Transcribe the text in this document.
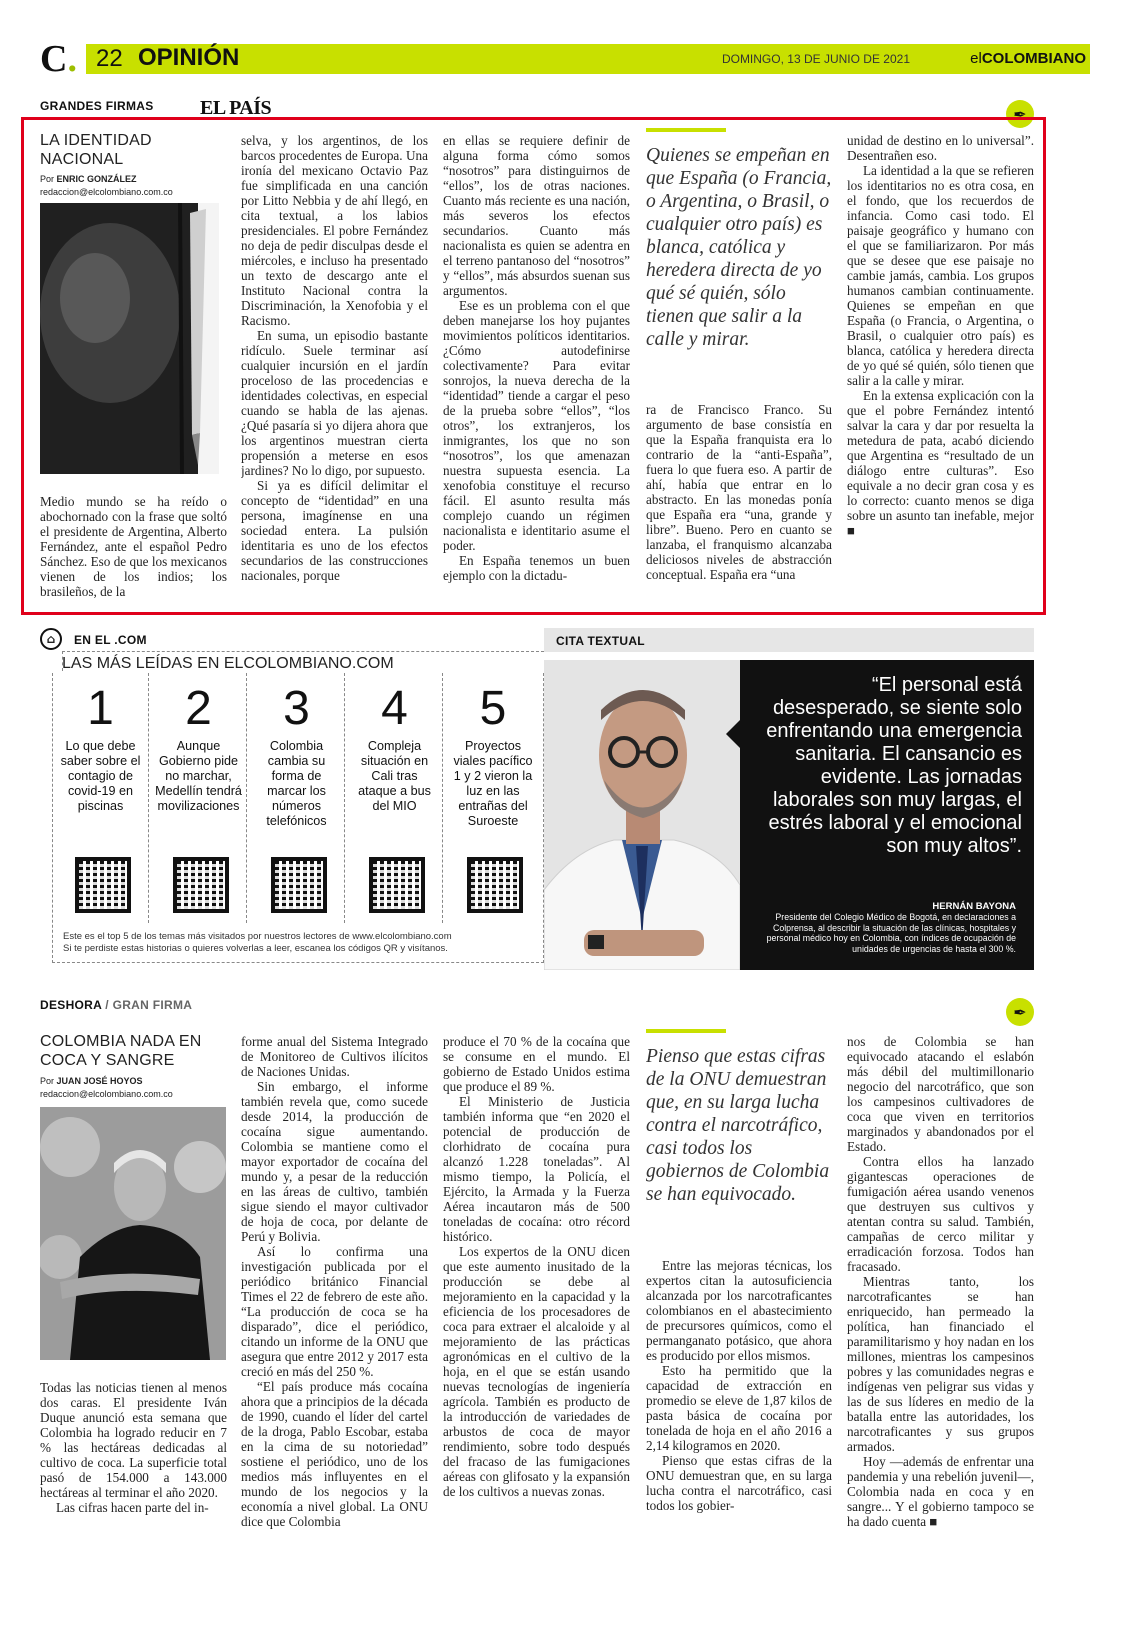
C. 22 OPINIÓN	DOMINGO, 13 DE JUNIO DE 2021	elCOLOMBIANO
GRANDES FIRMAS EL PAÍS	✒
LA IDENTIDAD
NACIONAL
Por ENRIC GONZÁLEZ
redaccion@elcolombiano.com.co

Medio mundo se ha reído o abochornado con la frase que soltó el presidente de Argentina, Alberto Fernández, ante el español Pedro Sánchez. Eso de que los mexicanos vienen de los indios; los brasileños, de la

selva, y los argentinos, de los barcos procedentes de Europa. Una ironía del mexicano Octavio Paz fue simplificada en una canción por Litto Nebbia y de ahí llegó, en cita textual, a los labios presidenciales. El pobre Fernández no deja de pedir disculpas desde el miércoles, e incluso ha presentado un texto de descargo ante el Instituto Nacional contra la Discriminación, la Xenofobia y el Racismo.

En suma, un episodio bastante ridículo. Suele terminar así cualquier incursión en el jardín proceloso de las procedencias e identidades colectivas, en especial cuando se habla de las ajenas. ¿Qué pasaría si yo dijera ahora que los argentinos muestran cierta propensión a meterse en esos jardines? No lo digo, por supuesto.

Si ya es difícil delimitar el concepto de “identidad” en una persona, imagínense en una sociedad entera. La pulsión identitaria es uno de los efectos secundarios de las construcciones nacionales, porque

en ellas se requiere definir de alguna forma cómo somos “nosotros” para distinguirnos de “ellos”, los de otras naciones. Cuanto más reciente es una nación, más severos los efectos secundarios. Cuanto más nacionalista es quien se adentra en el terreno pantanoso del “nosotros” y “ellos”, más absurdos suenan sus argumentos.

Ese es un problema con el que deben manejarse los hoy pujantes movimientos políticos identitarios. ¿Cómo autodefinirse colectivamente? Para evitar sonrojos, la nueva derecha de la “identidad” tiende a cargar el peso de la prueba sobre “ellos”, “los otros”, los extranjeros, los inmigrantes, los que no son “nosotros”, los que amenazan nuestra supuesta esencia. La xenofobia constituye el recurso fácil. El asunto resulta más complejo cuando un régimen nacionalista e identitario asume el poder.

En España tenemos un buen ejemplo con la dictadu-

Quienes se empeñan en que España (o Francia, o Argentina, o Brasil, o cualquier otro país) es blanca, católica y heredera directa de yo qué sé quién, sólo tienen que salir a la calle y mirar.

ra de Francisco Franco. Su argumento de base consistía en que la España franquista era lo contrario de la “anti-España”, fuera lo que fuera eso. A partir de ahí, había que entrar en lo abstracto. En las monedas ponía que España era “una, grande y libre”. Bueno. Pero en cuanto se lanzaba, el franquismo alcanzaba deliciosos niveles de abstracción conceptual. España era “una

unidad de destino en lo universal”. Desentrañen eso.

La identidad a la que se refieren los identitarios no es otra cosa, en el fondo, que los recuerdos de infancia. Como casi todo. El paisaje geográfico y humano con el que se familiarizaron. Por más que se desee que ese paisaje no cambie jamás, cambia. Los grupos humanos cambian continuamente. Quienes se empeñan en que España (o Francia, o Argentina, o Brasil, o cualquier otro país) es blanca, católica y heredera directa de yo qué sé quién, sólo tienen que salir a la calle y mirar.

En la extensa explicación con la que el pobre Fernández intentó salvar la cara y dar por resuelta la metedura de pata, acabó diciendo que Argentina es “resultado de un diálogo entre culturas”. Eso equivale a no decir gran cosa y es lo correcto: cuanto menos se diga sobre un asunto tan inefable, mejor ■

⌂	EN EL .COM
LAS MÁS LEÍDAS EN ELCOLOMBIANO.COM
1
Lo que debe saber sobre el contagio de covid-19 en piscinas
2
Aunque Gobierno pide no marchar, Medellín tendrá movilizaciones
3
Colombia cambia su forma de marcar los números telefónicos
4
Compleja situación en Cali tras ataque a bus del MIO
5
Proyectos viales pacífico 1 y 2 vieron la luz en las entrañas del Suroeste
Este es el top 5 de los temas más visitados por nuestros lectores de www.elcolombiano.com
Si te perdiste estas historias o quieres volverlas a leer, escanea los códigos QR y visítanos.
CITA TEXTUAL
“El personal está desesperado, se siente solo enfrentando una emergencia sanitaria. El cansancio es evidente. Las jornadas laborales son muy largas, el estrés laboral y el emocional son muy altos”.
HERNÁN BAYONA
Presidente del Colegio Médico de Bogotá, en declaraciones a Colprensa, al describir la situación de las clínicas, hospitales y personal médico hoy en Colombia, con índices de ocupación de unidades de urgencias de hasta el 300 %.
DESHORA / GRAN FIRMA	✒
COLOMBIA NADA EN
COCA Y SANGRE
Por JUAN JOSÉ HOYOS
redaccion@elcolombiano.com.co

Todas las noticias tienen al menos dos caras. El presidente Iván Duque anunció esta semana que Colombia ha logrado reducir en 7 % las hectáreas dedicadas al cultivo de coca. La superficie total pasó de 154.000 a 143.000 hectáreas al terminar el año 2020.

Las cifras hacen parte del in-

forme anual del Sistema Integrado de Monitoreo de Cultivos ilícitos de Naciones Unidas.

Sin embargo, el informe también revela que, como sucede desde 2014, la producción de cocaína sigue aumentando. Colombia se mantiene como el mayor exportador de cocaína del mundo y, a pesar de la reducción en las áreas de cultivo, también sigue siendo el mayor cultivador de hoja de coca, por delante de Perú y Bolivia.

Así lo confirma una investigación publicada por el periódico británico Financial Times el 22 de febrero de este año. “La producción de coca se ha disparado”, dice el periódico, citando un informe de la ONU que asegura que entre 2012 y 2017 esta creció en más del 250 %.

“El país produce más cocaína ahora que a principios de la década de 1990, cuando el líder del cartel de la droga, Pablo Escobar, estaba en la cima de su notoriedad” sostiene el periódico, uno de los medios más influyentes en el mundo de los negocios y la economía a nivel global. La ONU dice que Colombia

produce el 70 % de la cocaína que se consume en el mundo. El gobierno de Estado Unidos estima que produce el 89 %.

El Ministerio de Justicia también informa que “en 2020 el potencial de producción de clorhidrato de cocaína pura alcanzó 1.228 toneladas”. Al mismo tiempo, la Policía, el Ejército, la Armada y la Fuerza Aérea incautaron más de 500 toneladas de cocaína: otro récord histórico.

Los expertos de la ONU dicen que este aumento inusitado de la producción se debe al mejoramiento en la capacidad y la eficiencia de los procesadores de coca para extraer el alcaloide y al mejoramiento de las prácticas agronómicas en el cultivo de la hoja, en el que se están usando nuevas tecnologías de ingeniería agrícola. También es producto de la introducción de variedades de arbustos de coca de mayor rendimiento, sobre todo después del fracaso de las fumigaciones aéreas con glifosato y la expansión de los cultivos a nuevas zonas.

Pienso que estas cifras de la ONU demuestran que, en su larga lucha contra el narcotráfico, casi todos los gobiernos de Colombia se han equivocado.

Entre las mejoras técnicas, los expertos citan la autosuficiencia alcanzada por los narcotraficantes colombianos en el abastecimiento de precursores químicos, como el permanganato potásico, que ahora es producido por ellos mismos.

Esto ha permitido que la capacidad de extracción en promedio se eleve de 1,87 kilos de pasta básica de cocaína por tonelada de hoja en el año 2016 a 2,14 kilogramos en 2020.

Pienso que estas cifras de la ONU demuestran que, en su larga lucha contra el narcotráfico, casi todos los gobier-

nos de Colombia se han equivocado atacando el eslabón más débil del multimillonario negocio del narcotráfico, que son los campesinos cultivadores de coca que viven en territorios marginados y abandonados por el Estado.

Contra ellos ha lanzado gigantescas operaciones de fumigación aérea usando venenos que destruyen sus cultivos y atentan contra su salud. También, campañas de cerco militar y erradicación forzosa. Todos han fracasado.

Mientras tanto, los narcotraficantes se han enriquecido, han permeado la política, han financiado el paramilitarismo y hoy nadan en los millones, mientras los campesinos pobres y las comunidades negras e indígenas ven peligrar sus vidas y las de sus líderes en medio de la batalla entre las autoridades, los narcotraficantes y sus grupos armados.

Hoy —además de enfrentar una pandemia y una rebelión juvenil—, Colombia nada en coca y en sangre... Y el gobierno tampoco se ha dado cuenta ■
